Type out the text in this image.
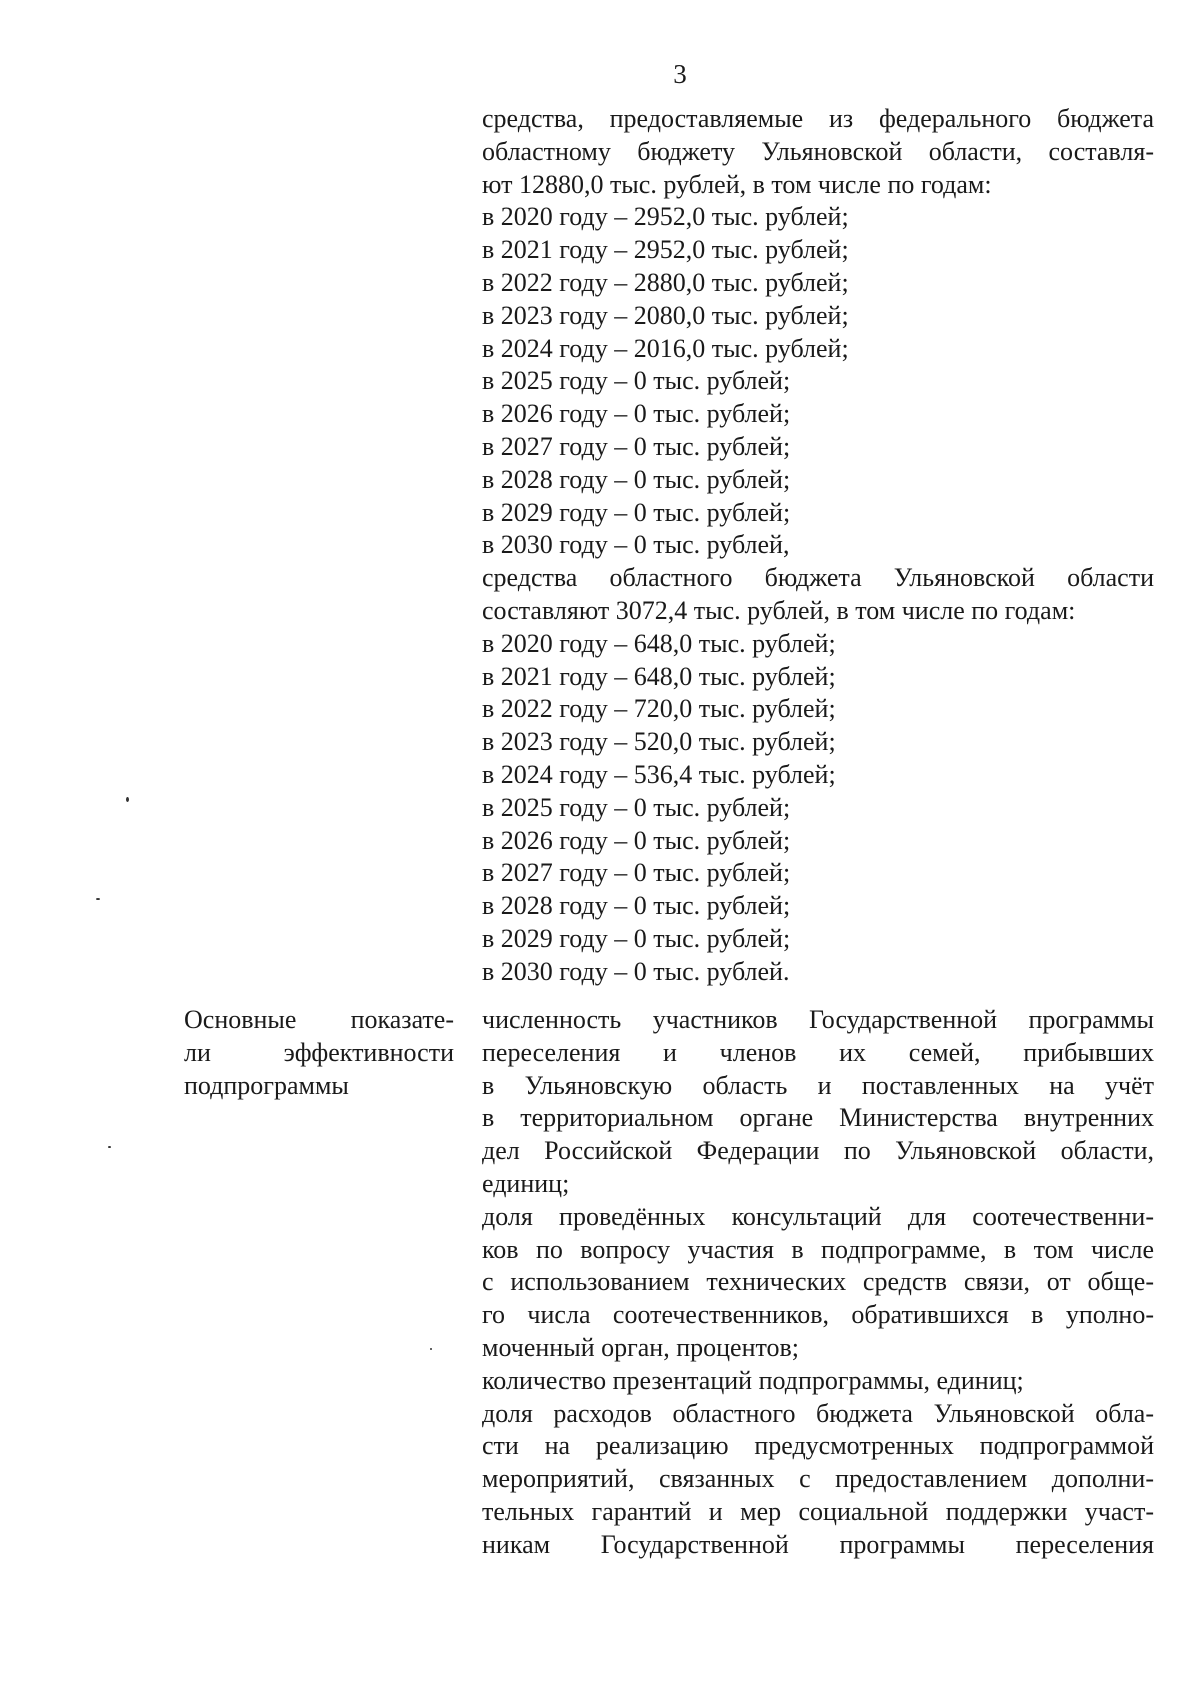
3
средства, предоставляемые из федерального бюджета
областному бюджету Ульяновской области, составля-
ют 12880,0 тыс. рублей, в том числе по годам:
в 2020 году – 2952,0 тыс. рублей;
в 2021 году – 2952,0 тыс. рублей;
в 2022 году – 2880,0 тыс. рублей;
в 2023 году – 2080,0 тыс. рублей;
в 2024 году – 2016,0 тыс. рублей;
в 2025 году – 0 тыс. рублей;
в 2026 году – 0 тыс. рублей;
в 2027 году – 0 тыс. рублей;
в 2028 году – 0 тыс. рублей;
в 2029 году – 0 тыс. рублей;
в 2030 году – 0 тыс. рублей,
средства областного бюджета Ульяновской области
составляют 3072,4 тыс. рублей, в том числе по годам:
в 2020 году – 648,0 тыс. рублей;
в 2021 году – 648,0 тыс. рублей;
в 2022 году – 720,0 тыс. рублей;
в 2023 году – 520,0 тыс. рублей;
в 2024 году – 536,4 тыс. рублей;
в 2025 году – 0 тыс. рублей;
в 2026 году – 0 тыс. рублей;
в 2027 году – 0 тыс. рублей;
в 2028 году – 0 тыс. рублей;
в 2029 году – 0 тыс. рублей;
в 2030 году – 0 тыс. рублей.
Основные показате-
ли эффективности
подпрограммы
численность участников Государственной программы
переселения и членов их семей, прибывших
в Ульяновскую область и поставленных на учёт
в территориальном органе Министерства внутренних
дел Российской Федерации по Ульяновской области,
единиц;
доля проведённых консультаций для соотечественни-
ков по вопросу участия в подпрограмме, в том числе
с использованием технических средств связи, от обще-
го числа соотечественников, обратившихся в уполно-
моченный орган, процентов;
количество презентаций подпрограммы, единиц;
доля расходов областного бюджета Ульяновской обла-
сти на реализацию предусмотренных подпрограммой
мероприятий, связанных с предоставлением дополни-
тельных гарантий и мер социальной поддержки участ-
никам Государственной программы переселения
